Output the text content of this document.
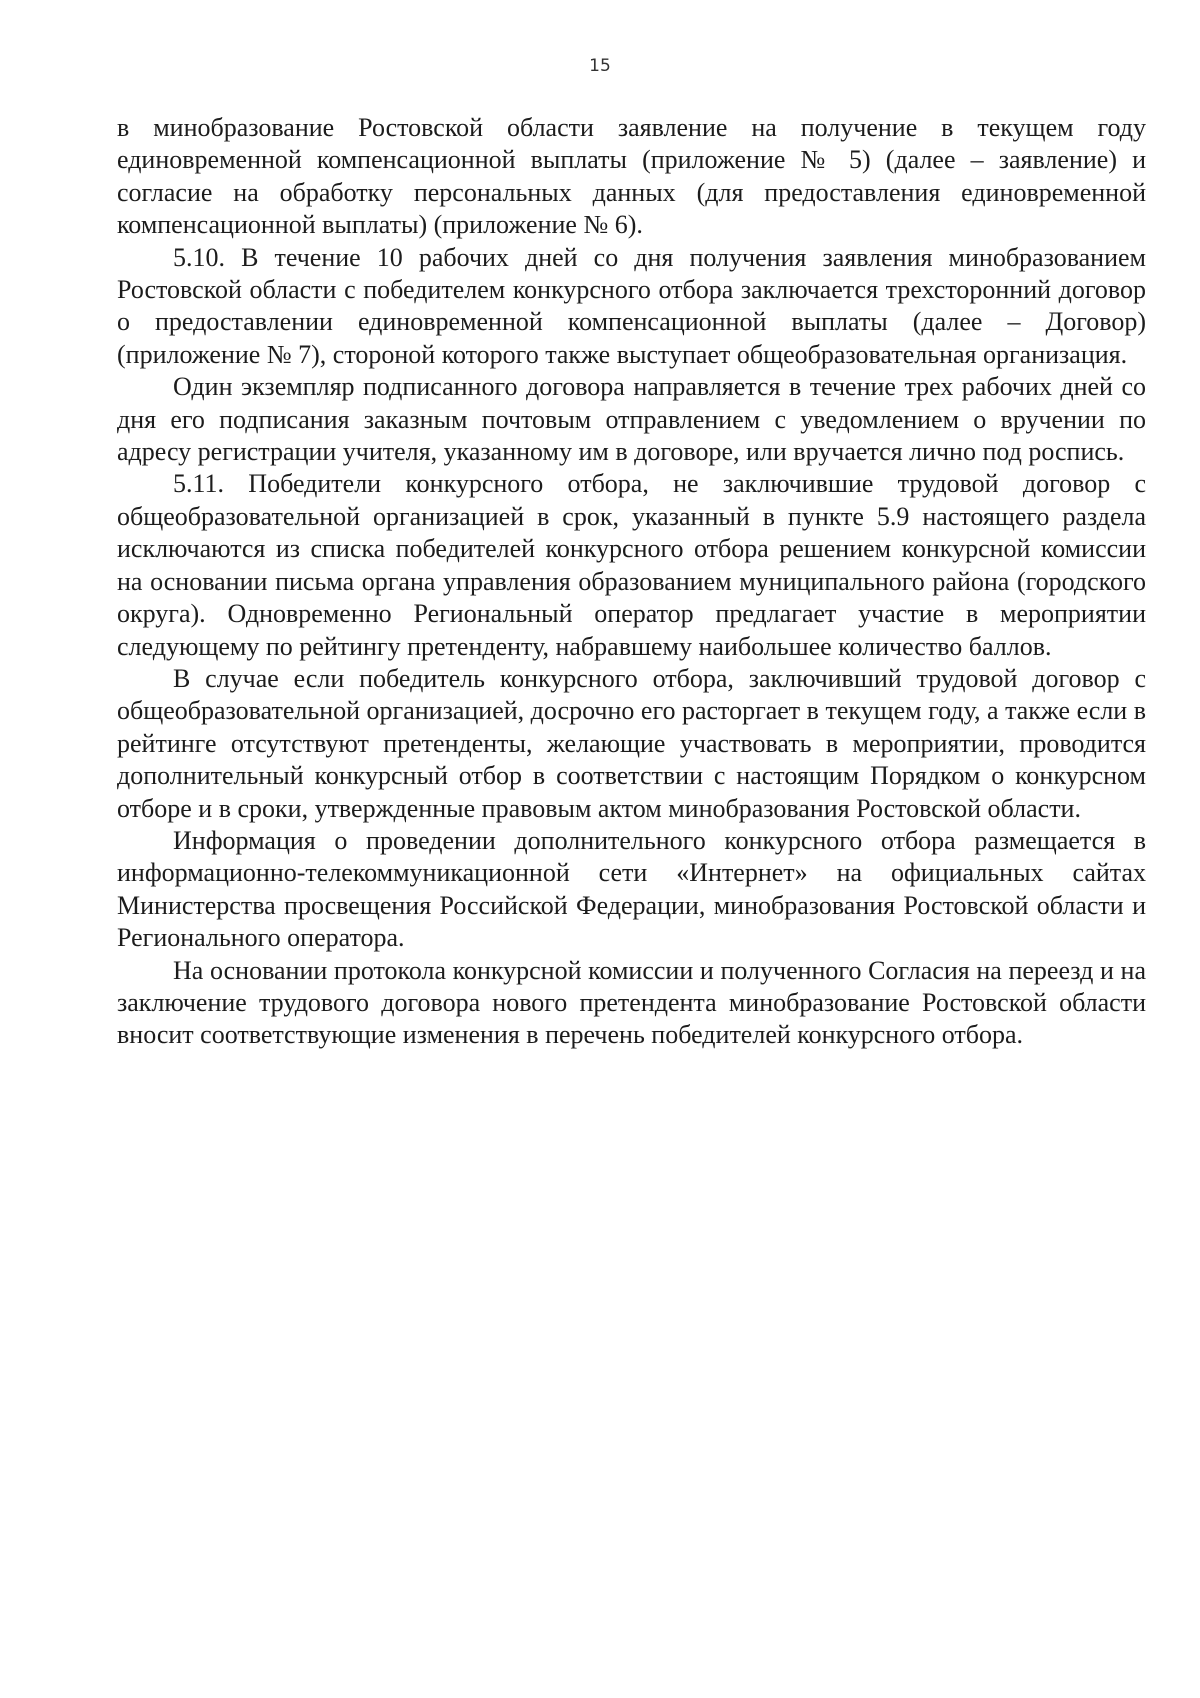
15

в минобразование Ростовской области заявление на получение в текущем году единовременной компенсационной выплаты (приложение № 5) (далее – заявление) и согласие на обработку персональных данных (для предоставления единовременной компенсационной выплаты) (приложение № 6).

5.10. В течение 10 рабочих дней со дня получения заявления минобразованием Ростовской области с победителем конкурсного отбора заключается трехсторонний договор о предоставлении единовременной компенсационной выплаты (далее – Договор) (приложение № 7), стороной которого также выступает общеобразовательная организация.

Один экземпляр подписанного договора направляется в течение трех рабочих дней со дня его подписания заказным почтовым отправлением с уведомлением о вручении по адресу регистрации учителя, указанному им в договоре, или вручается лично под роспись.

5.11. Победители конкурсного отбора, не заключившие трудовой договор с общеобразовательной организацией в срок, указанный в пункте 5.9 настоящего раздела исключаются из списка победителей конкурсного отбора решением конкурсной комиссии на основании письма органа управления образованием муниципального района (городского округа). Одновременно Региональный оператор предлагает участие в мероприятии следующему по рейтингу претенденту, набравшему наибольшее количество баллов.

В случае если победитель конкурсного отбора, заключивший трудовой договор с общеобразовательной организацией, досрочно его расторгает в текущем году, а также если в рейтинге отсутствуют претенденты, желающие участвовать в мероприятии, проводится дополнительный конкурсный отбор в соответствии с настоящим Порядком о конкурсном отборе и в сроки, утвержденные правовым актом минобразования Ростовской области.

Информация о проведении дополнительного конкурсного отбора размещается в информационно-телекоммуникационной сети «Интернет» на официальных сайтах Министерства просвещения Российской Федерации, минобразования Ростовской области и Регионального оператора.

На основании протокола конкурсной комиссии и полученного Согласия на переезд и на заключение трудового договора нового претендента минобразование Ростовской области вносит соответствующие изменения в перечень победителей конкурсного отбора.
